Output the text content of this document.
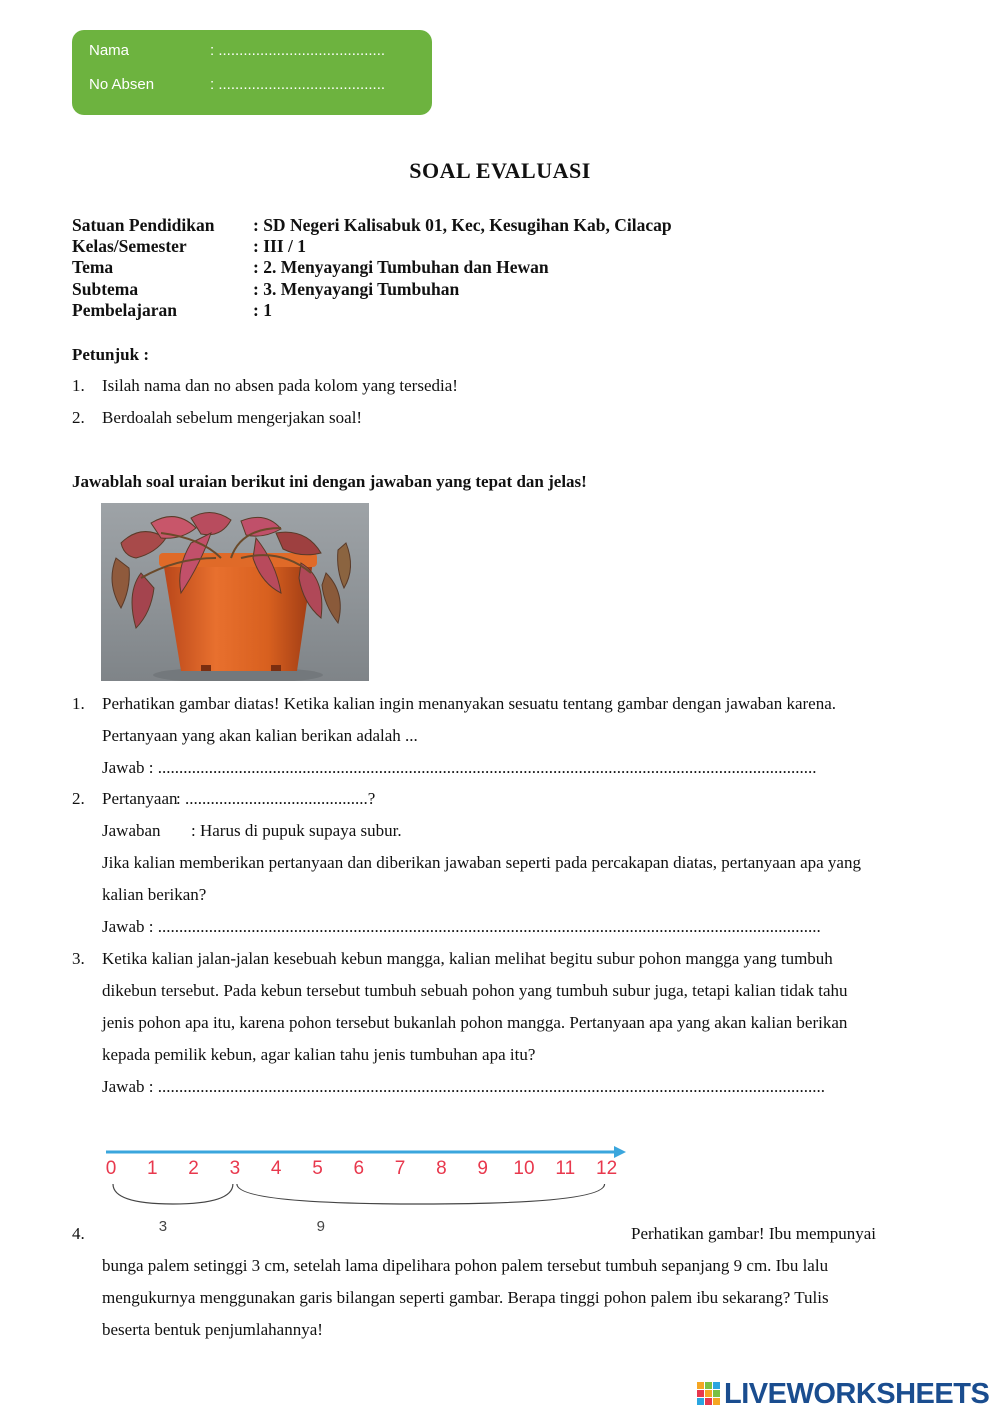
Nama	: ........................................
No Absen	: ........................................
SOAL EVALUASI
Satuan Pendidikan : SD Negeri Kalisabuk 01, Kec, Kesugihan Kab, Cilacap
Kelas/Semester	: III / 1
Tema	: 2. Menyayangi Tumbuhan dan Hewan
Subtema	: 3. Menyayangi Tumbuhan
Pembelajaran	: 1
Petunjuk :
1.	Isilah nama dan no absen pada kolom yang tersedia!
2.	Berdoalah sebelum mengerjakan soal!
Jawablah soal uraian berikut ini dengan jawaban yang tepat dan jelas!
1. Perhatikan gambar diatas! Ketika kalian ingin menanyakan sesuatu tentang gambar dengan jawaban karena.
Pertanyaan yang akan kalian berikan adalah ...
Jawab : ...........................................................................................................................................................
2. Pertanyaan
: ...........................................?
Jawaban : Harus di pupuk supaya subur.
Jika kalian memberikan pertanyaan dan diberikan jawaban seperti pada percakapan diatas, pertanyaan apa yang
kalian berikan?
Jawab : ............................................................................................................................................................
3. Ketika kalian jalan-jalan kesebuah kebun mangga, kalian melihat begitu subur pohon mangga yang tumbuh
dikebun tersebut. Pada kebun tersebut tumbuh sebuah pohon yang tumbuh subur juga, tetapi kalian tidak tahu
jenis pohon apa itu, karena pohon tersebut bukanlah pohon mangga. Pertanyaan apa yang akan kalian berikan
kepada pemilik kebun, agar kalian tahu jenis tumbuhan apa itu?
Jawab : .............................................................................................................................................................
0 1 2 3 4 5 6 7 8 9 10 11 12
3	9
4.	Perhatikan gambar! Ibu mempunyai
bunga palem setinggi 3 cm, setelah lama dipelihara pohon palem tersebut tumbuh sepanjang 9 cm. Ibu lalu
mengukurnya menggunakan garis bilangan seperti gambar. Berapa tinggi pohon palem ibu sekarang? Tulis
beserta bentuk penjumlahannya!
LIVEWORKSHEETS
